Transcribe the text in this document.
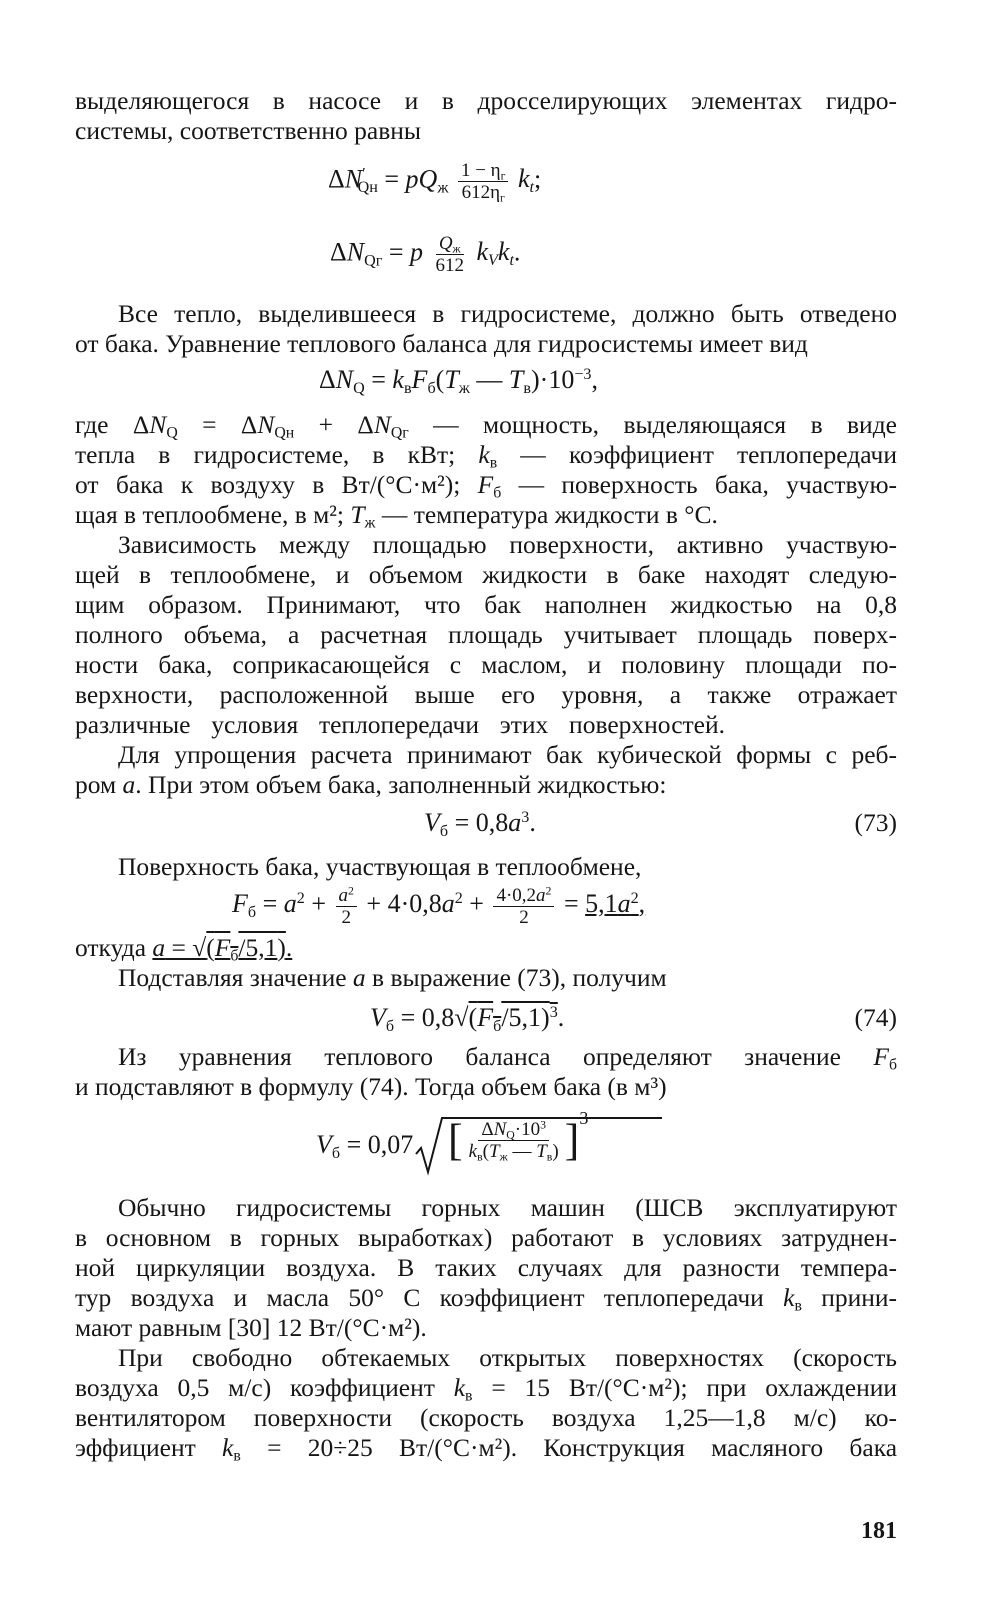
выделяющегося в насосе и в дросселирующих элементах гидро-
системы, соответственно равны
$\Delta N'_{Qн} = pQ_ж \frac{1 - \eta_г}{612\eta_г} k_t$;
$\Delta N_{Qг} = p \frac{Q_ж}{612} k_Vk_t$.
Все тепло, выделившееся в гидросистеме, должно быть отведено
от бака. Уравнение теплового баланса для гидросистемы имеет вид
$\Delta N_Q = k_вF_б(T_ж$ — $T_в)\cdot 10^{-3}$,
где $\Delta N_Q = \Delta N_{Qн} + \Delta N_{Qг}$ — мощность, выделяющаяся в виде
тепла в гидросистеме, в кВт; $k_в$ — коэффициент теплопередачи
от бака к воздуху в Вт/(°С·м²); $F_б$ — поверхность бака, участвую-
щая в теплообмене, в м²; $T_ж$ — температура жидкости в °С.
Зависимость между площадью поверхности, активно участвую-
щей в теплообмене, и объемом жидкости в баке находят следую-
щим образом. Принимают, что бак наполнен жидкостью на 0,8
полного объема, а расчетная площадь учитывает площадь поверх-
ности бака, соприкасающейся с маслом, и половину площади по-
верхности, расположенной выше его уровня, а также отражает
различные условия теплопередачи этих поверхностей.
Для упрощения расчета принимают бак кубической формы с реб-
ром a. При этом объем бака, заполненный жидкостью:
$V_б = 0,8a^3$.	(73)
Поверхность бака, участвующая в теплообмене,
$F_б = a^2 + \frac{a^2}{2} + 4\cdot 0,8a^2 + \frac{4\cdot 0,2a^2}{2} = 5,1a^2$,
откуда $a = √(F_б/5,1)$.
Подставляя значение a в выражение (73), получим
$V_б = 0,8√(F_б/5,1)^3$.	(74)
Из уравнения теплового баланса определяют значение $F_б$
и подставляют в формулу (74). Тогда объем бака (в м³)
$V_б = 0,07$ [ $\frac{\Delta N_Q\cdot 10^3}{k_в(T_ж — T_в)} ]^3$
Обычно гидросистемы горных машин (ШСВ эксплуатируют
в основном в горных выработках) работают в условиях затруднен-
ной циркуляции воздуха. В таких случаях для разности темпера-
тур воздуха и масла 50° С коэффициент теплопередачи $k_в$ прини-
мают равным [30] 12 Вт/(°С·м²).
При свободно обтекаемых открытых поверхностях (скорость
воздуха 0,5 м/с) коэффициент $k_в = 15$ Вт/(°С·м²); при охлаждении
вентилятором поверхности (скорость воздуха 1,25—1,8 м/с) ко-
эффициент $k_в = 20\div 25$ Вт/(°С·м²). Конструкция масляного бака
181
